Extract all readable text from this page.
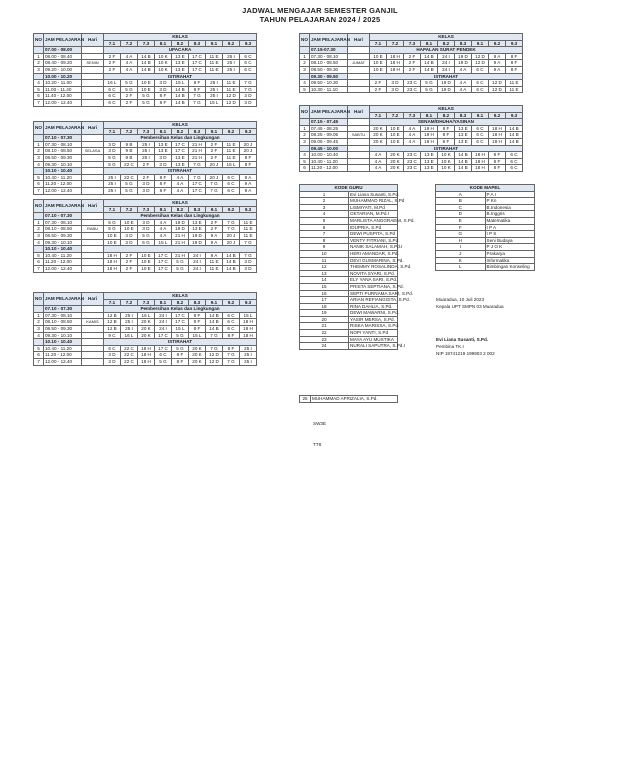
JADWAL MENGAJAR SEMESTER GANJIL
TAHUN PELAJARAN 2024 / 2025
NO	JAM PELAJARAN	Hari	KELAS								
			7.1	7.2	7.3	8.1	8.2	8.3	9.1	9.2	9.3
	07.00 - 08.00		UPACARA								
1	08.00 - 08.40		2 F	4 A	14 B	10 K	13 E	17 C	11 E	25 I	6 C
2	08.40 - 09.20	SENIN	2 F	4 A	14 B	10 K	13 E	17 C	11 E	25 I	6 C
3	09.20 - 10.00		2 F	4 A	14 B	10 K	13 E	17 C	11 E	25 I	6 C
	10.00 - 10.20		ISTIRAHAT								
4	10.20 - 11.00		16 L	5 G	10 E	3 D	15 L	8 F	25 I	11 E	7 G
5	11.00 - 11.40		6 C	5 G	10 E	3 D	14 B	8 F	25 I	11 E	7 G
6	11.40 - 12.00		6 C	2 F	5 G	8 F	14 B	7 G	25 I	12 D	3 D
7	12.00 - 12.40		6 C	2 F	5 G	8 F	14 B	7 G	15 L	12 D	3 D
NO	JAM PELAJARAN	Hari	KELAS								
			7.1	7.2	7.3	8.1	8.2	8.3	9.1	9.2	9.3
	07.10 - 07.30		Pembersihan Kelas dan Lingkungan								
1	07.30 - 08.10		3 D	9 B	25 I	13 E	17 C	21 H	2 F	11 E	20 J
2	08.10 - 08.50	SELASA	3 D	9 B	25 I	13 E	17 C	21 H	2 F	11 E	20 J
3	08.50 - 09.30		5 G	9 B	25 I	3 D	13 E	21 H	2 F	11 E	8 F
4	09.30 - 10.10		5 G	22 C	2 F	3 D	13 E	7 G	20 J	15 L	8 F
	10.10 - 10.40		ISTIRAHAT								
5	10.40 - 11.20		25 I	22 C	2 F	8 F	4 A	7 G	20 J	6 C	9 A
6	11.20 - 12.00		25 I	5 G	3 D	8 F	4 A	17 C	7 G	6 C	9 A
7	12.00 - 12.40		25 I	5 G	3 D	8 F	4 A	17 C	7 G	6 C	9 A
NO	JAM PELAJARAN	Hari	KELAS								
			7.1	7.2	7.3	8.1	8.2	8.3	9.1	9.2	9.3
	07.10 - 07.30		Pembersihan Kelas dan Lingkungan								
1	07.30 - 08.10		5 G	10 E	3 D	4 A	19 D	13 E	2 F	7 G	11 E
2	08.10 - 08.50	RABU	5 G	10 E	3 D	4 A	19 D	13 E	2 F	7 G	11 E
3	08.50 - 09.30		10 E	3 D	5 G	4 A	21 H	19 D	9 A	20 J	11 E
4	09.30 - 10.10		10 E	3 D	5 G	15 L	21 H	19 D	9 A	20 J	7 G
	10.10 - 10.40										
5	10.40 - 11.20		18 H	2 F	10 E	17 C	21 H	24 I	9 A	14 B	7 G
6	11.20 - 12.00		18 H	2 F	10 E	17 C	5 G	24 I	11 E	14 B	3 D
7	12.00 - 12.40		18 H	2 F	10 E	17 C	5 G	24 I	11 E	14 B	3 D
NO	JAM PELAJARAN	Hari	KELAS								
			7.1	7.2	7.3	8.1	8.2	8.3	9.1	9.2	9.3
	07.10 - 07.30		Pembersihan Kelas dan Lingkungan								
1	07.30 - 08.10		12 B	25 I	16 L	24 I	17 C	8 F	14 B	6 C	15 L
2	08.10 - 08.50	KAMIS	12 B	25 I	20 K	24 I	17 C	8 F	14 B	6 C	18 H
3	08.50 - 09.30		12 B	25 I	20 K	24 I	15 L	8 F	14 B	6 C	18 H
4	09.30 - 10.10		9 C	16 L	20 K	17 C	5 G	15 L	7 G	8 F	18 H
	10.10 - 10.40		ISTIRAHAT								
5	10.40 - 11.20		6 C	22 C	18 H	17 C	5 G	20 K	7 G	8 F	25 I
6	11.20 - 12.00		3 D	22 C	18 H	6 C	8 F	20 K	12 D	7 G	25 I
7	12.00 - 12.40		3 D	22 C	18 H	5 G	8 F	20 K	12 D	7 G	25 I
NO	JAM PELAJARAN	Hari	KELAS								
			7.1	7.2	7.3	8.1	8.2	8.3	9.1	9.2	9.3
	07.15-07.30		HAPALAN SURAT PENDEK								
1	07.30 - 08.10		10 E	18 H	2 F	14 B	24 I	19 D	12 D	9 A	8 F
2	08.10 - 08.50	JUMAT	10 E	18 H	2 F	14 B	24 I	19 D	12 D	9 A	8 F
3	08.50 - 09.30		10 E	18 H	2 F	14 B	24 I	4 A	6 C	9 A	8 F
	09.30 - 09.50		ISTIRAHAT								
4	09.50 - 10.30		2 F	3 D	23 C	5 G	19 D	4 A	6 C	12 D	11 E
5	10.30 - 11.10		2 F	3 D	23 C	5 G	19 D	4 A	6 C	12 D	11 E
NO	JAM PELAJARAN	Hari	KELAS								
			7.1	7.2	7.3	8.1	8.2	8.3	9.1	9.2	9.3
	07.15 - 07.45		SENAM/DHUHA/YASINAN								
1	07.45 - 08.25		20 K	10 E	4 A	19 H	8 F	13 E	6 C	18 H	14 B
2	08.25 - 09.05	SABTU	20 K	10 E	4 A	19 H	8 F	13 E	6 C	18 H	14 B
3	09.05 - 09.45		20 K	10 E	4 A	19 H	8 F	13 E	6 C	18 H	14 B
	09.45 - 10.00		ISTIRAHAT								
4	10.00 - 10.40		4 A	20 K	23 C	13 E	10 K	14 B	18 H	8 F	6 C
5	10.40 - 11.20		4 A	20 K	23 C	13 E	10 K	14 B	18 H	8 F	6 C
6	11.20 - 12.00		4 A	20 K	23 C	13 E	10 K	14 B	18 H	8 F	6 C
KODE GURU	
1	Evi Liana Susanti, S.Pd.
2	MUHAMMAD RIZAL, S.Pd
3	LISMIYATI, M.Pd
4	OKTARIAN, M.Pd.I
5	MARLISTA ANGGRAENI, S.Pd.
6	IDUPRIA, S.Pd
7	DEWI PUSPITA, S.Pd
8	VENTY FITRIANI, S.Pd
9	NANIK SALAMAH, S.Pd.I
10	HERI AMANDAR, S.Pd.
11	DEVI GUSMARINA, S.Pd.
12	THEMMY ROSALINDA, S.Pd.
13	NOVITA SYARI, S.Pd.
14	ELY YANA SARI, S.Pd.
15	PRISTA SEPTIANA, S.Pd.
16	SEPTI PURNAMA SARI, S.Pd.
17	ARIAN REFIANGGITA, S.Pd.
18	RINA DAHLIA, S.Pd.
19	DEWI MAWARNI, S.Pd.
20	YASIR MERSA, S.Pd.
21	RISKA MARISSA, S.Pd.
22	NOPI YANTI, S.Pd
23	MAYA AYU MUSTIKA
24	NURALI SAPUTRA, S.Pd.I
KODE MAPEL	
A	P A I
B	P Kn
C	B.Indonesia
D	B.Inggris
E	Matematika
F	I P A
G	I P S
H	Seni Budaya
I	P J O K
J	Prakarya
K	Informatika
L	Bimbingan Konseling
Muaradua, 10 Juli 2023
Kepala UPT SMPN 03 Muaradua
Evi Liana Susanti, S.Pd.
Pembina TK.I
NIP 19741219 199903 2 002
SW3E
TT8
25	MUHAMMAD AFRIZALIA, S.Pd.
